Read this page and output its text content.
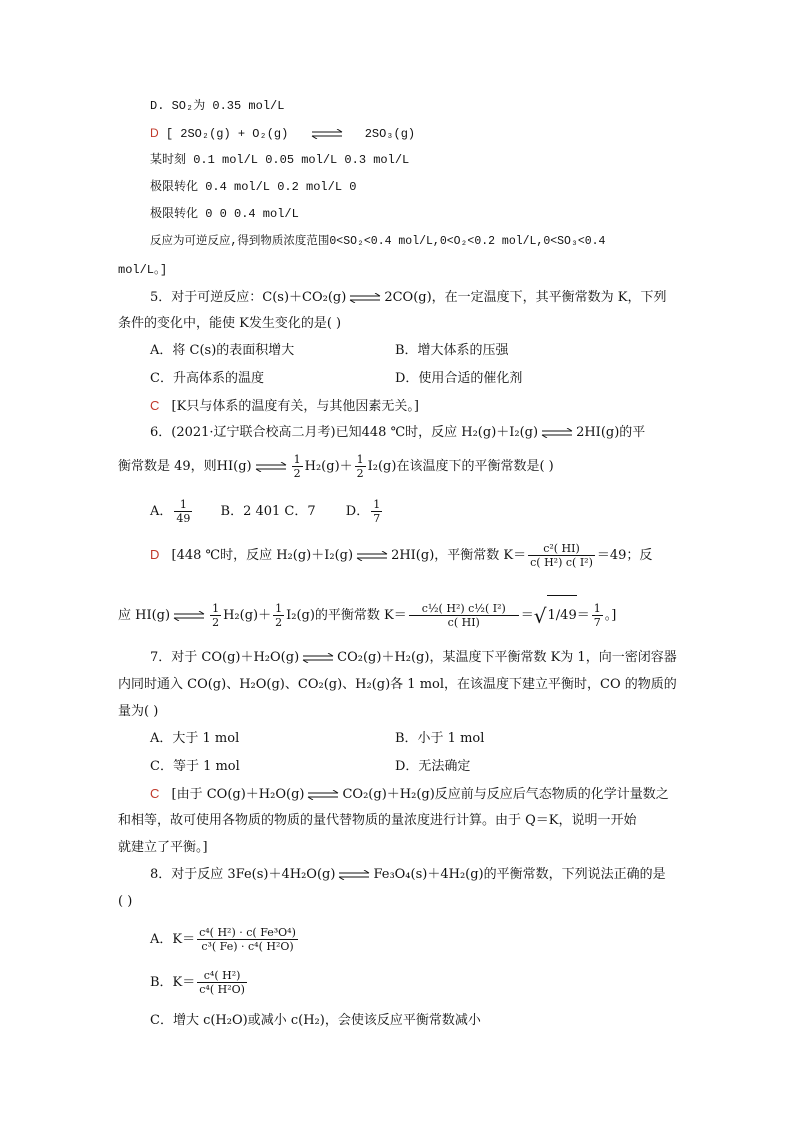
D. SO₂为 0.35 mol/L
D [ 2SO₂(g) + O₂(g)	2SO₃(g)
某时刻 0.1 mol/L 0.05 mol/L 0.3 mol/L
极限转化 0.4 mol/L 0.2 mol/L 0
极限转化 0 0 0.4 mol/L
反应为可逆反应,得到物质浓度范围0<SO₂<0.4 mol/L,0<O₂<0.2 mol/L,0<SO₃<0.4
mol/L。]
5．对于可逆反应：C(s)＋CO₂(g)	2CO(g)，在一定温度下，其平衡常数为 K，下列
条件的变化中，能使 K发生变化的是( )
A．将 C(s)的表面积增大	B．增大体系的压强
C．升高体系的温度	D．使用合适的催化剂
C [K只与体系的温度有关，与其他因素无关。]
6．(2021·辽宁联合校高二月考)已知448 ℃时，反应 H₂(g)＋I₂(g)	2HI(g)的平
衡常数是 49，则HI(g)	$\frac{1}{2} H_2(g)+ \frac{1}{2} I_2(g)$在该温度下的平衡常数是( )
A． $\frac{1}{49}$ B．2 401 C．7 D． $\frac{1}{7}$
D [448 ℃时，反应 H₂(g)＋I₂(g)	2HI(g)，平衡常数 $K= \frac{\text{c²( HI)}}{\text{c( H²) c( I²)}} =49$；反
应 HI(g)	$\frac{1}{2} H_2(g)+ \frac{1}{2} I_2(g)$的平衡常数 $K= \frac{\text{c½( H²) c½( I²)}}{c( HI)}$ ＝ √ $1/49 = \frac{1}{7}$ 。]
7．对于 CO(g)＋H₂O(g)	CO₂(g)＋H₂(g)，某温度下平衡常数 K为 1，向一密闭容器
内同时通入 CO(g)、H₂O(g)、CO₂(g)、H₂(g)各 1 mol，在该温度下建立平衡时，CO 的物质的
量为( )
A．大于 1 mol	B．小于 1 mol
C．等于 1 mol	D．无法确定
C [由于 CO(g)＋H₂O(g)	CO₂(g)＋H₂(g)反应前与反应后气态物质的化学计量数之
和相等，故可使用各物质的物质的量代替物质的量浓度进行计算。由于 Q＝K，说明一开始
就建立了平衡。]
8．对于反应 3Fe(s)＋4H₂O(g)	Fe₃O₄(s)＋4H₂(g)的平衡常数，下列说法正确的是
( )
A．$K= \frac{\text{c⁴( H²) · c( Fe³O⁴)}}{\text{c³( Fe) · c⁴( H²O)}}$
B．$K= \frac{\text{c⁴( H²)}}{\text{c⁴( H²O)}}$
C．增大 c(H₂O)或减小 c(H₂)，会使该反应平衡常数减小
